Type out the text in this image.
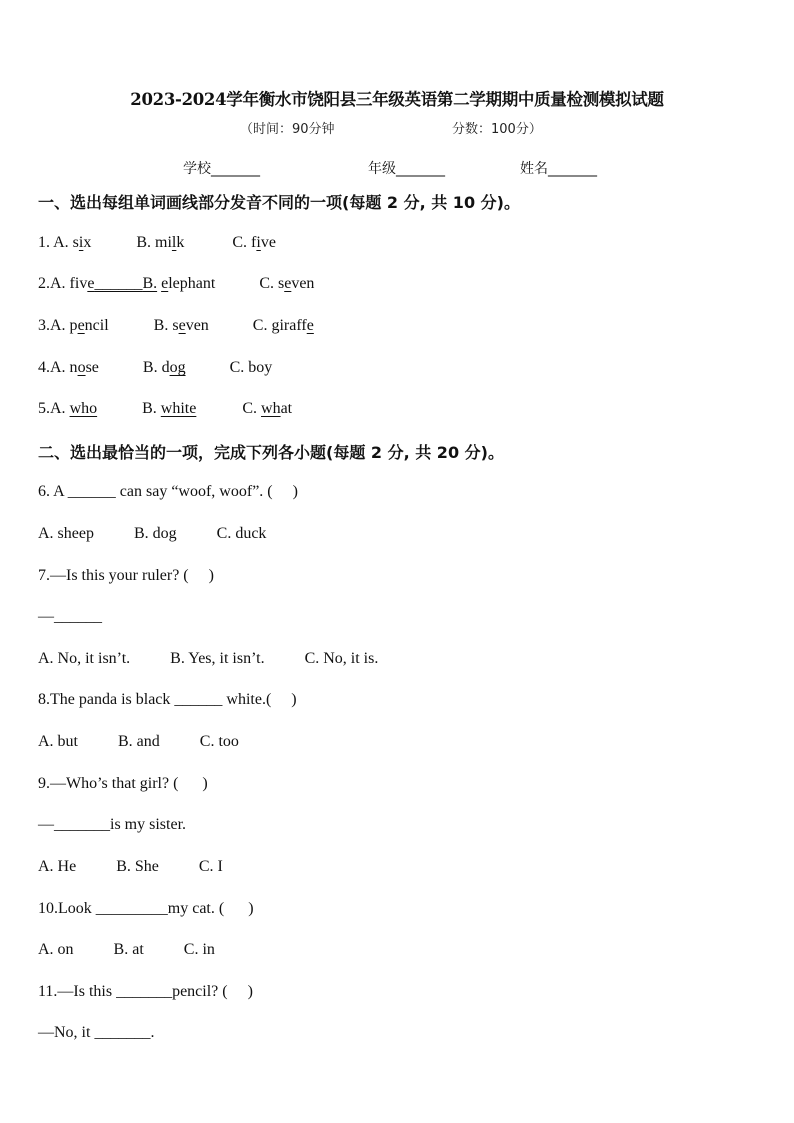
2023-2024学年衡水市饶阳县三年级英语第二学期期中质量检测模拟试题
（时间：90分钟	分数：100分）
学校_______	年级_______	姓名_______
一、选出每组单词画线部分发音不同的一项(每题 2 分, 共 10 分)。
1. A. six	B. milk	C. five
2.A. five______B. elephant	C. seven
3.A. pencil	B. seven	C. giraffe
4.A. nose	B. dog	C. boy
5.A. who	B. white	C. what
二、选出最恰当的一项，完成下列各小题(每题 2 分, 共 20 分)。
6. A ______ can say “woof, woof”. (     )
A. sheep          B. dog          C. duck
7.—Is this your ruler? (     )
—______
A. No, it isn’t.          B. Yes, it isn’t.          C. No, it is.
8.The panda is black ______ white.(     )
A. but          B. and          C. too
9.—Who’s that girl? (      )
—_______is my sister.
A. He          B. She          C. I
10.Look _________my cat. (      )
A. on          B. at          C. in
11.—Is this _______pencil? (     )
—No, it _______.
